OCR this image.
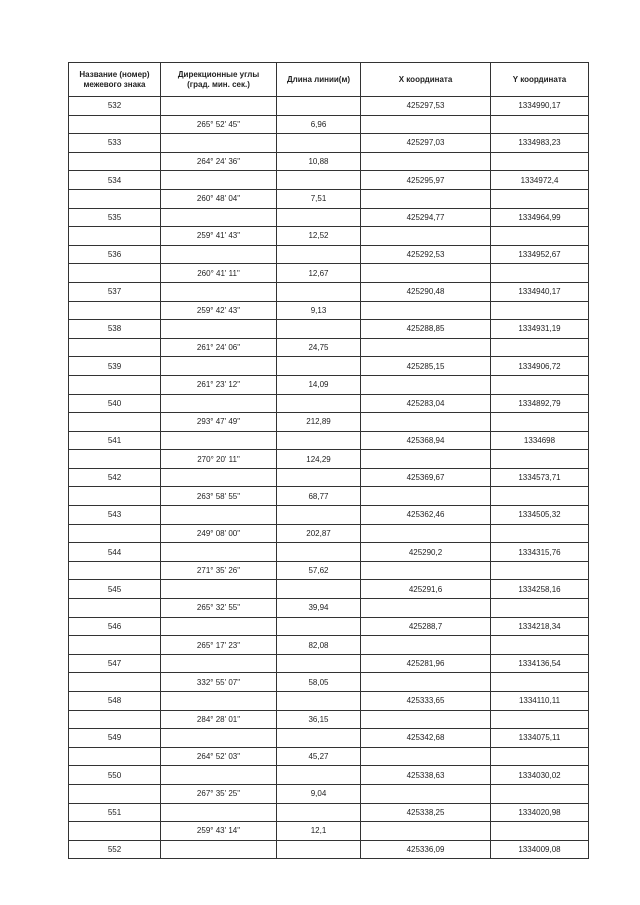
Название (номер)
межевого знака	Дирекционные углы
(град. мин. сек.)	Длина линии(м)	Х координата	Y координата
532			425297,53	1334990,17
	265° 52' 45"	6,96		
533			425297,03	1334983,23
	264° 24' 36"	10,88		
534			425295,97	1334972,4
	260° 48' 04"	7,51		
535			425294,77	1334964,99
	259° 41' 43"	12,52		
536			425292,53	1334952,67
	260° 41' 11"	12,67		
537			425290,48	1334940,17
	259° 42' 43"	9,13		
538			425288,85	1334931,19
	261° 24' 06"	24,75		
539			425285,15	1334906,72
	261° 23' 12"	14,09		
540			425283,04	1334892,79
	293° 47' 49"	212,89		
541			425368,94	1334698
	270° 20' 11"	124,29		
542			425369,67	1334573,71
	263° 58' 55"	68,77		
543			425362,46	1334505,32
	249° 08' 00"	202,87		
544			425290,2	1334315,76
	271° 35' 26"	57,62		
545			425291,6	1334258,16
	265° 32' 55"	39,94		
546			425288,7	1334218,34
	265° 17' 23"	82,08		
547			425281,96	1334136,54
	332° 55' 07"	58,05		
548			425333,65	1334110,11
	284° 28' 01"	36,15		
549			425342,68	1334075,11
	264° 52' 03"	45,27		
550			425338,63	1334030,02
	267° 35' 25"	9,04		
551			425338,25	1334020,98
	259° 43' 14"	12,1		
552			425336,09	1334009,08
